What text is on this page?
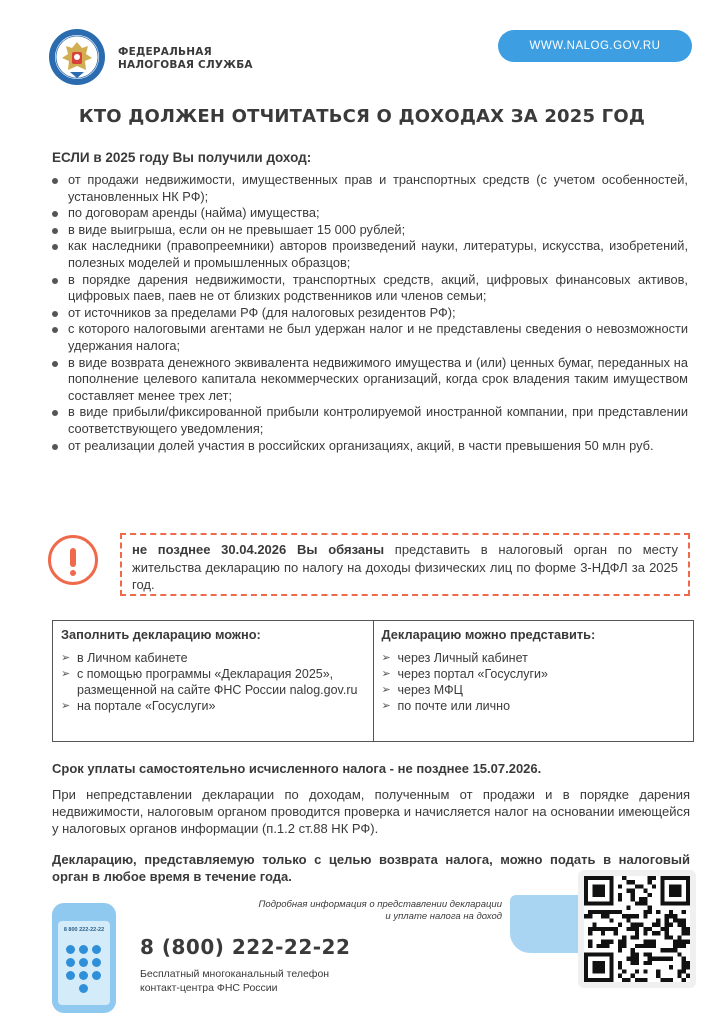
ФЕДЕРАЛЬНАЯ
НАЛОГОВАЯ СЛУЖБА
WWW.NALOG.GOV.RU
КТО ДОЛЖЕН ОТЧИТАТЬСЯ О ДОХОДАХ ЗА 2025 ГОД
ЕСЛИ в 2025 году Вы получили доход:
от продажи недвижимости, имущественных прав и транспортных средств (с учетом особенностей, установленных НК РФ);
по договорам аренды (найма) имущества;
в виде выигрыша, если он не превышает 15 000 рублей;
как наследники (правопреемники) авторов произведений науки, литературы, искусства, изобретений, полезных моделей и промышленных образцов;
в порядке дарения недвижимости, транспортных средств, акций, цифровых финансовых активов, цифровых паев, паев не от близких родственников или членов семьи;
от источников за пределами РФ (для налоговых резидентов РФ);
с которого налоговыми агентами не был удержан налог и не представлены сведения о невозможности удержания налога;
в виде возврата денежного эквивалента недвижимого имущества и (или) ценных бумаг, переданных на пополнение целевого капитала некоммерческих организаций, когда срок владения таким имуществом составляет менее трех лет;
в виде прибыли/фиксированной прибыли контролируемой иностранной компании, при представлении соответствующего уведомления;
от реализации долей участия в российских организациях, акций, в части превышения 50 млн руб.
не позднее 30.04.2026 Вы обязаны представить в налоговый орган по месту жительства декларацию по налогу на доходы физических лиц по форме 3-НДФЛ за 2025 год.
Заполнить декларацию можно:
➢ в Личном кабинете
➢ с помощью программы «Декларация 2025», размещенной на сайте ФНС России nalog.gov.ru
➢ на портале «Госуслуги»
Декларацию можно представить:
➢ через Личный кабинет
➢ через портал «Госуслуги»
➢ через МФЦ
➢ по почте или лично
Срок уплаты самостоятельно исчисленного налога - не позднее 15.07.2026.
При непредставлении декларации по доходам, полученным от продажи и в порядке дарения недвижимости, налоговым органом проводится проверка и начисляется налог на основании имеющейся у налоговых органов информации (п.1.2 ст.88 НК РФ).
Декларацию, представляемую только с целью возврата налога, можно подать в налоговый орган в любое время в течение года.
8 800 222-22-22
Подробная информация о представлении декларации
и уплате налога на доход
8 (800) 222-22-22
Бесплатный многоканальный телефон
контакт-центра ФНС России
